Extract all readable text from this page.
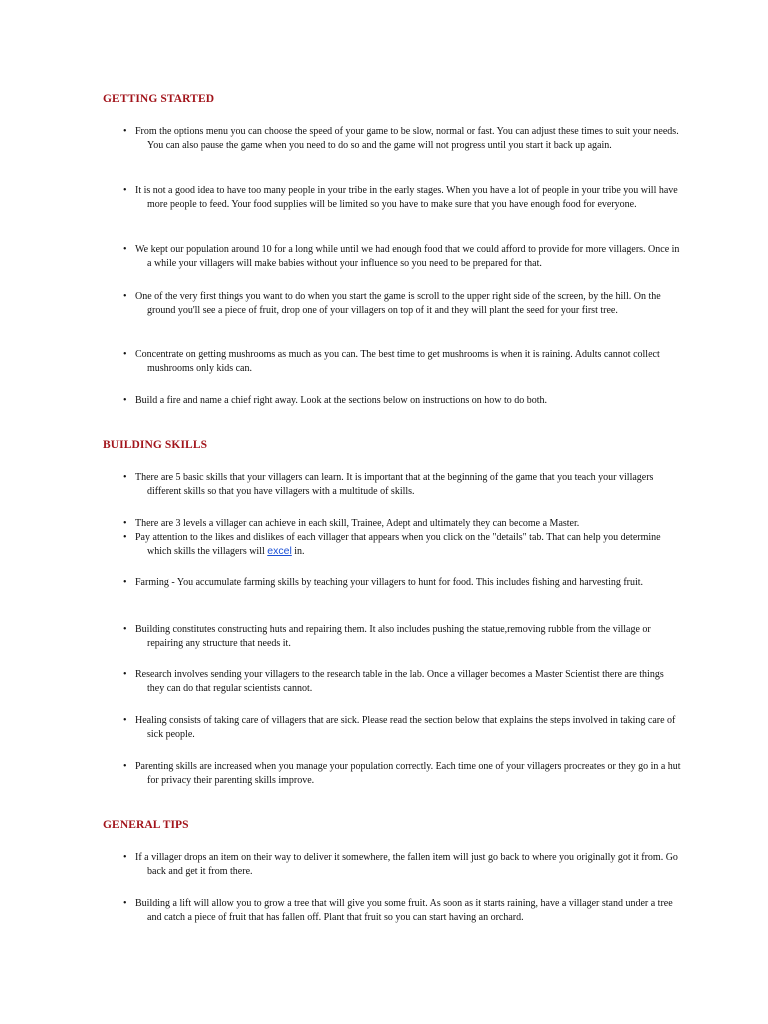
GETTING STARTED
• From the options menu you can choose the speed of your game to be slow, normal or fast. You can adjust these times to suit your needs. You can also pause the game when you need to do so and the game will not progress until you start it back up again.
• It is not a good idea to have too many people in your tribe in the early stages. When you have a lot of people in your tribe you will have more people to feed. Your food supplies will be limited so you have to make sure that you have enough food for everyone.
• We kept our population around 10 for a long while until we had enough food that we could afford to provide for more villagers. Once in a while your villagers will make babies without your influence so you need to be prepared for that.
• One of the very first things you want to do when you start the game is scroll to the upper right side of the screen, by the hill. On the ground you'll see a piece of fruit, drop one of your villagers on top of it and they will plant the seed for your first tree.
• Concentrate on getting mushrooms as much as you can. The best time to get mushrooms is when it is raining. Adults cannot collect mushrooms only kids can.
• Build a fire and name a chief right away. Look at the sections below on instructions on how to do both.
BUILDING SKILLS
• There are 5 basic skills that your villagers can learn. It is important that at the beginning of the game that you teach your villagers different skills so that you have villagers with a multitude of skills.
• There are 3 levels a villager can achieve in each skill, Trainee, Adept and ultimately they can become a Master.
• Pay attention to the likes and dislikes of each villager that appears when you click on the "details" tab. That can help you determine which skills the villagers will excel in.
• Farming - You accumulate farming skills by teaching your villagers to hunt for food. This includes fishing and harvesting fruit.
• Building constitutes constructing huts and repairing them. It also includes pushing the statue,removing rubble from the village or repairing any structure that needs it.
• Research involves sending your villagers to the research table in the lab. Once a villager becomes a Master Scientist there are things they can do that regular scientists cannot.
• Healing consists of taking care of villagers that are sick. Please read the section below that explains the steps involved in taking care of sick people.
• Parenting skills are increased when you manage your population correctly. Each time one of your villagers procreates or they go in a hut for privacy their parenting skills improve.
GENERAL TIPS
• If a villager drops an item on their way to deliver it somewhere, the fallen item will just go back to where you originally got it from. Go back and get it from there.
• Building a lift will allow you to grow a tree that will give you some fruit. As soon as it starts raining, have a villager stand under a tree and catch a piece of fruit that has fallen off. Plant that fruit so you can start having an orchard.
